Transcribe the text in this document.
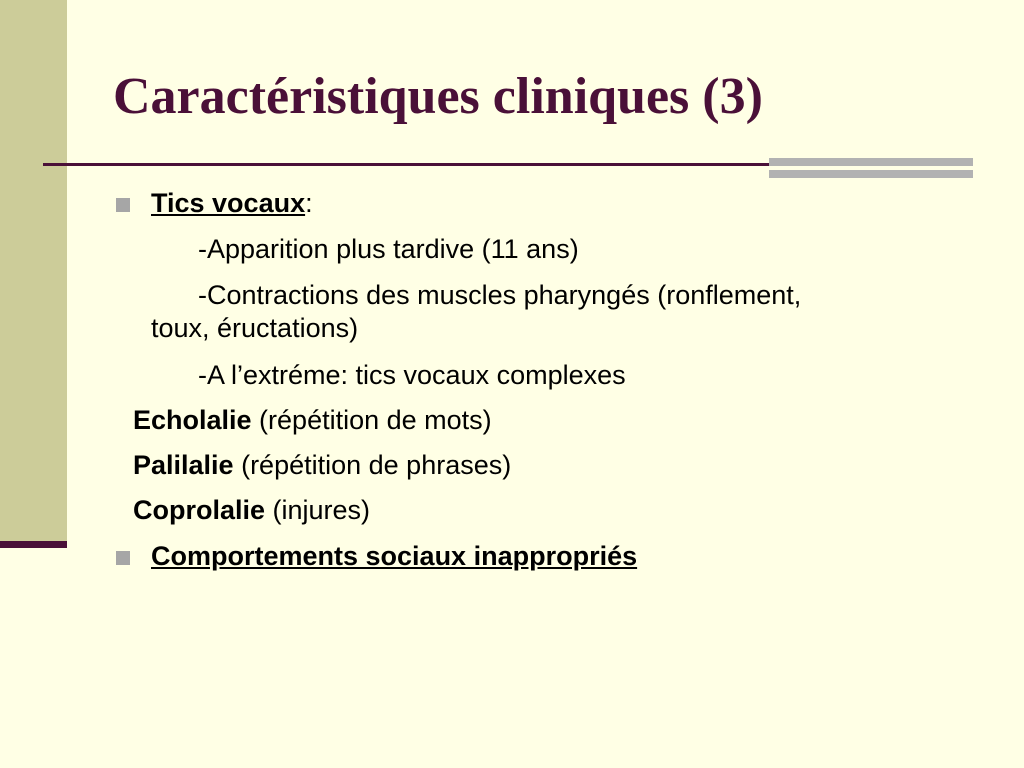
Caractéristiques cliniques (3)

Tics vocaux:

-Apparition plus tardive (11 ans)

-Contractions des muscles pharyngés (ronflement,

toux, éructations)

-A l’extréme: tics vocaux complexes

Echolalie (répétition de mots)

Palilalie (répétition de phrases)

Coprolalie (injures)

Comportements sociaux inappropriés
